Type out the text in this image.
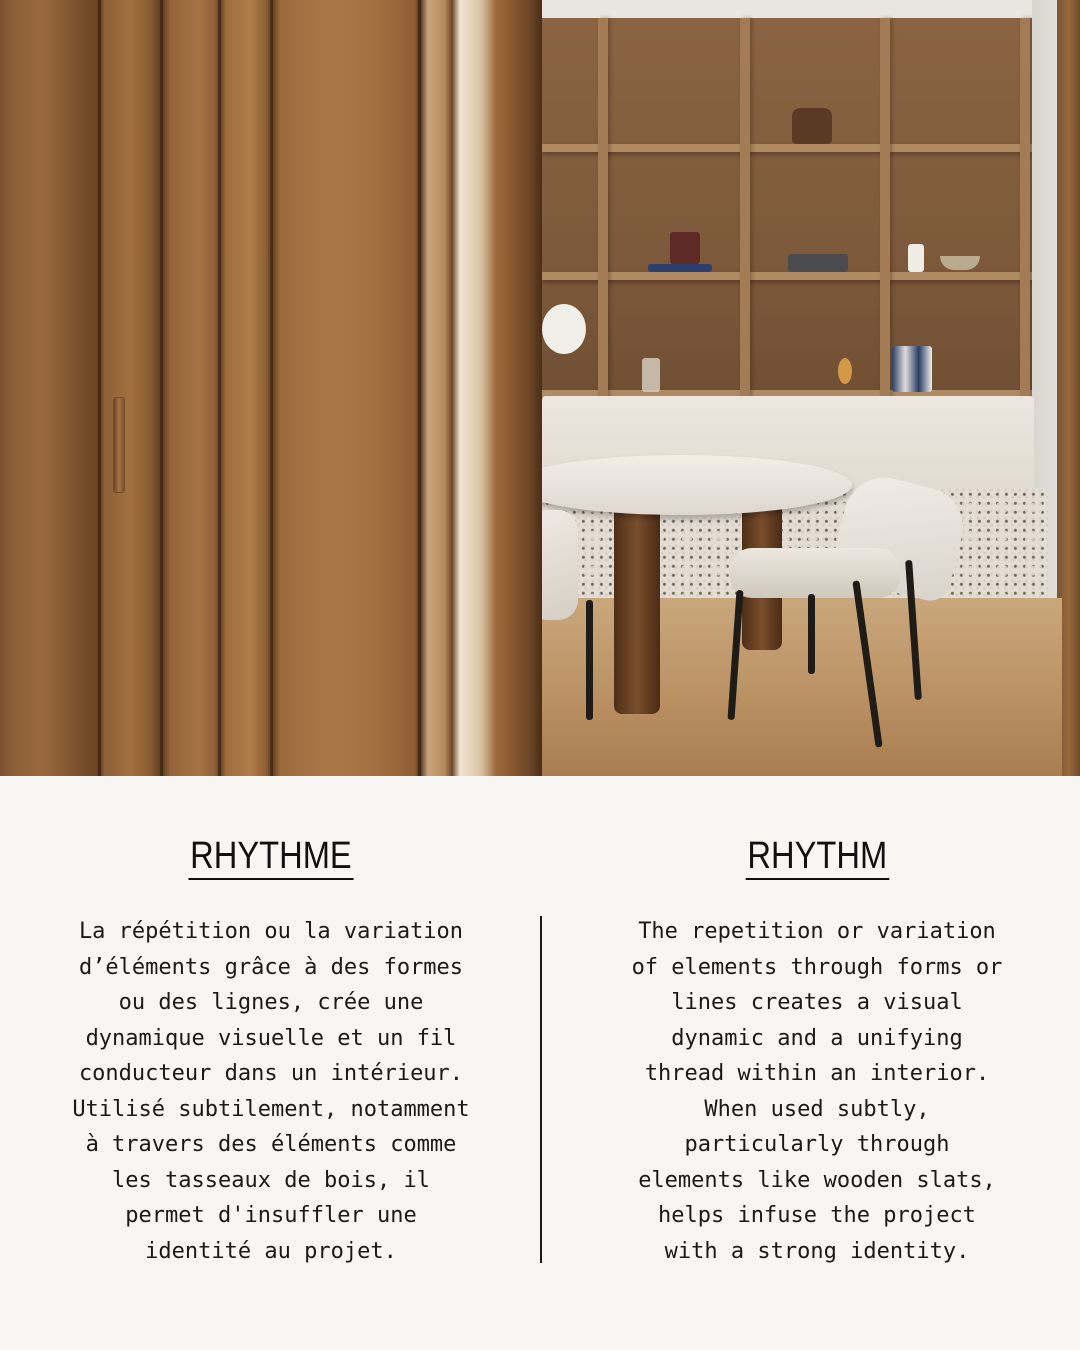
RHYTHME
La répétition ou la variation
d’éléments grâce à des formes
ou des lignes, crée une
dynamique visuelle et un fil
conducteur dans un intérieur.
Utilisé subtilement, notamment
à travers des éléments comme
les tasseaux de bois, il
permet d'insuffler une
identité au projet.
RHYTHM
The repetition or variation
of elements through forms or
lines creates a visual
dynamic and a unifying
thread within an interior.
When used subtly,
particularly through
elements like wooden slats,
helps infuse the project
with a strong identity.
